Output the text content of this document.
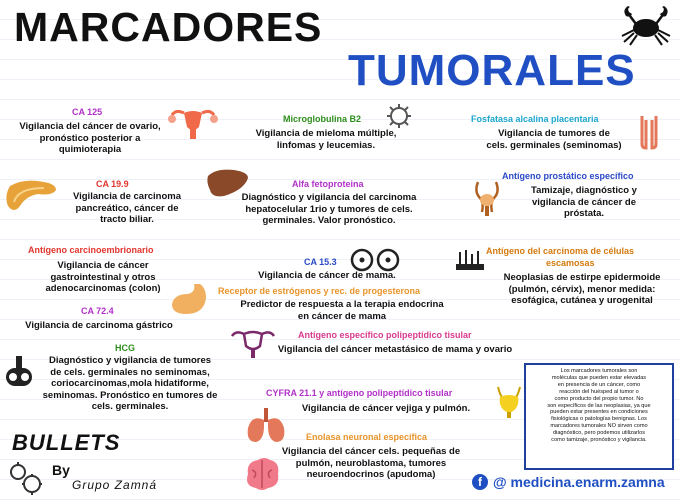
MARCADORES
TUMORALES
CA 125
Vigilancia del cáncer de ovario,
pronóstico posterior a
quimioterapia
Microglobulina B2
Vigilancia de mieloma múltiple,
linfomas y leucemias.
Fosfatasa alcalina placentaria
Vigilancia de tumores de
cels. germinales (seminomas)
CA 19.9
Vigilancia de carcinoma
pancreático, cáncer de
tracto biliar.
Alfa fetoproteina
Diagnóstico y vigilancia del carcinoma
hepatocelular 1rio y tumores de cels.
germinales. Valor pronóstico.
Antígeno prostático específico
Tamizaje, diagnóstico y
vigilancia de cáncer de
próstata.
Antígeno carcinoembrionario
Vigilancia de cáncer
gastrointestinal y otros
adenocarcinomas (colon)
CA 15.3
Vigilancia de cáncer de mama.
Antígeno del carcinoma de células
escamosas
Neoplasias de estirpe epidermoide
(pulmón, cérvix), menor medida:
esofágica, cutánea y urogenital
Receptor de estrógenos y rec. de progesterona
Predictor de respuesta a la terapia endocrina
en cáncer de mama
CA 72.4
Vigilancia de carcinoma gástrico
Antígeno específico polipeptídico tisular
Vigilancia del cáncer metastásico de mama y ovario
HCG
Diagnóstico y vigilancia de tumores
de cels. germinales no seminomas,
coriocarcinomas,mola hidatiforme,
seminomas. Pronóstico en tumores de
cels. germinales.
CYFRA 21.1 y antígeno polipeptídico tisular
Vigilancia de cáncer vejiga y pulmón.
Enolasa neuronal específica
Vigilancia del cáncer cels. pequeñas de
pulmón, neuroblastoma, tumores
neuroendocrinos (apudoma)
Los marcadores tumorales son
moléculas que pueden estar elevadas
en presencia de un cáncer, como
reacción del huésped al tumor o
como producto del propio tumor. No
son específicos de las neoplasias, ya que
pueden estar presentes en condiciones
fisiológicas o patologías benignas. Los
marcadores tumorales NO sirven como
diagnóstico, pero podemos utilizarlos
como tamizaje, pronóstico y vigilancia.
BULLETS
By
Grupo Zamná	f @ medicina.enarm.zamna
